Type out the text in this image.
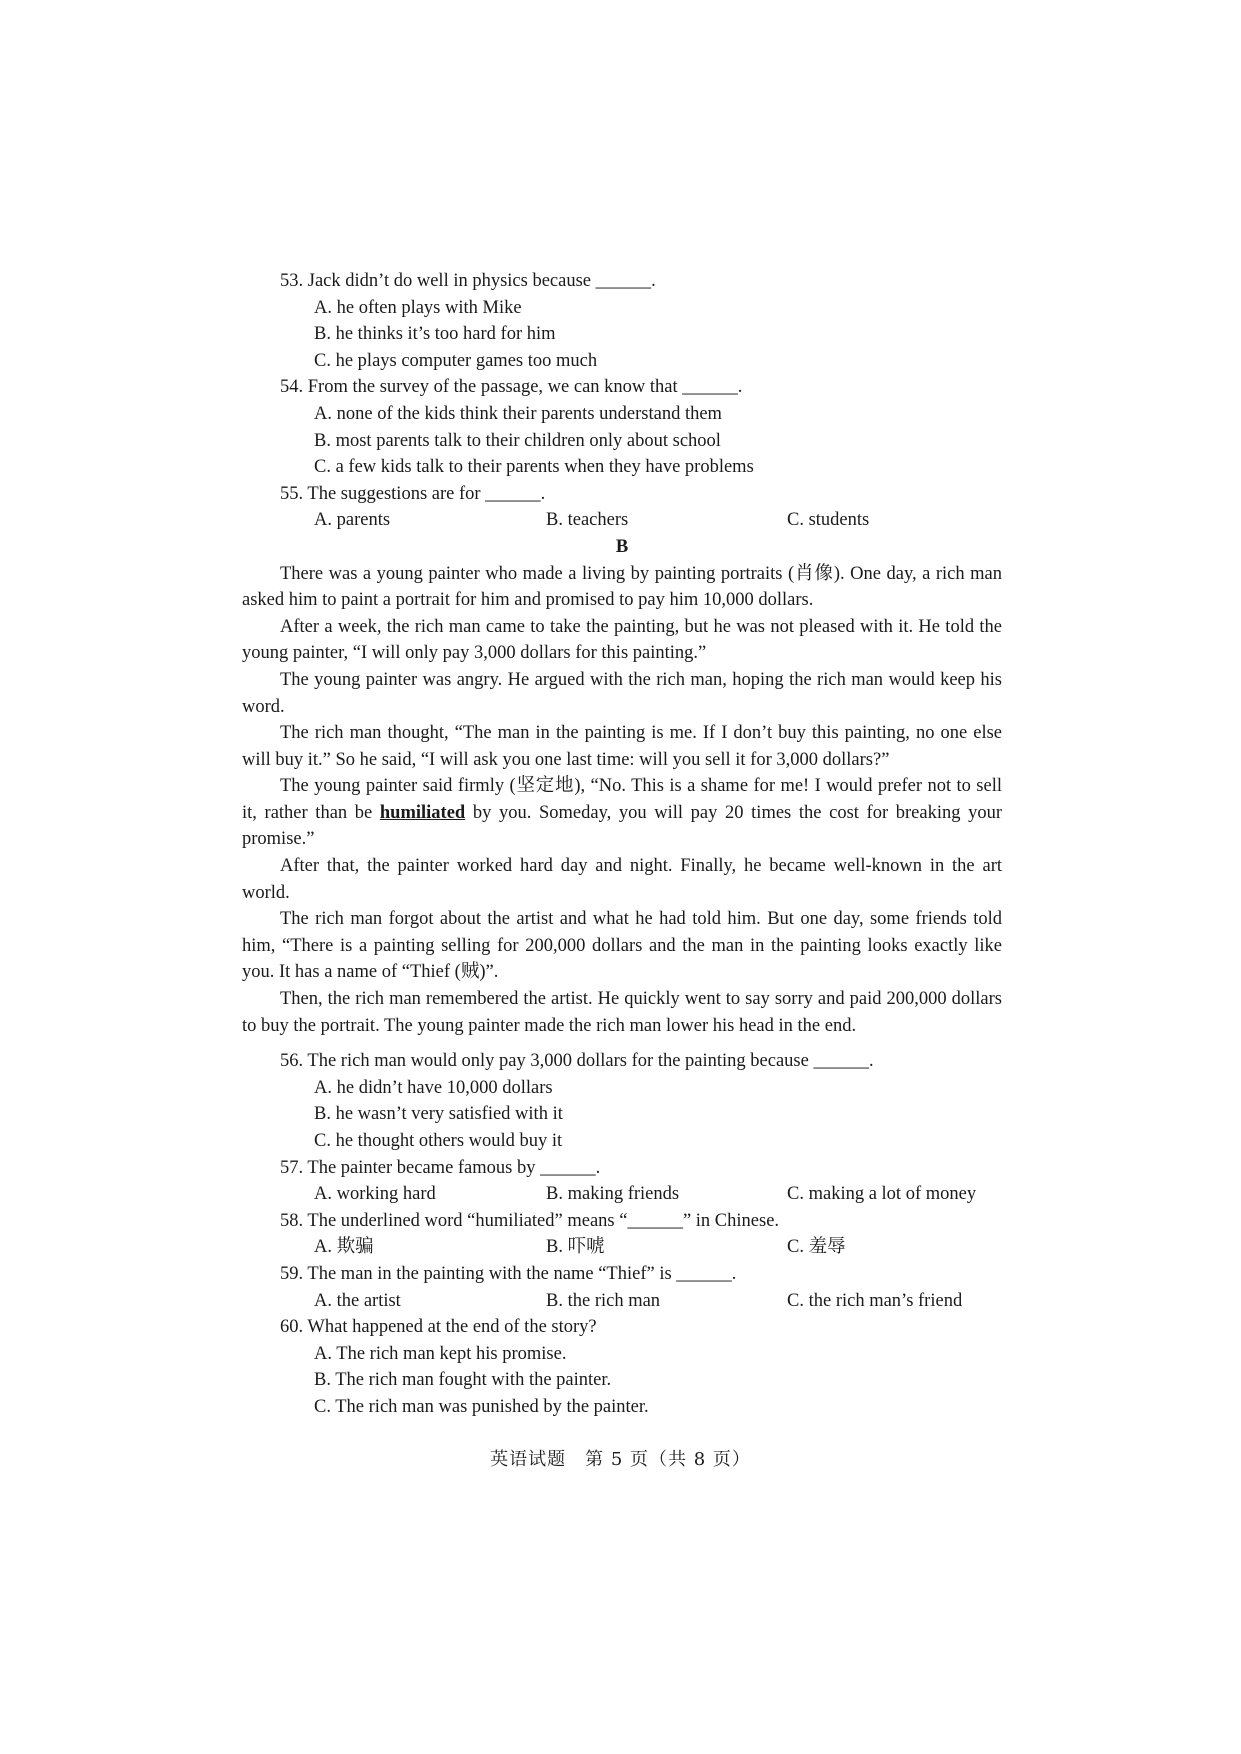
53. Jack didn’t do well in physics because ______.
A. he often plays with Mike
B. he thinks it’s too hard for him
C. he plays computer games too much
54. From the survey of the passage, we can know that ______.
A. none of the kids think their parents understand them
B. most parents talk to their children only about school
C. a few kids talk to their parents when they have problems
55. The suggestions are for ______.
A. parents	B. teachers	C. students
B

There was a young painter who made a living by painting portraits (肖像). One day, a rich man asked him to paint a portrait for him and promised to pay him 10,000 dollars.

After a week, the rich man came to take the painting, but he was not pleased with it. He told the young painter, “I will only pay 3,000 dollars for this painting.”

The young painter was angry. He argued with the rich man, hoping the rich man would keep his word.

The rich man thought, “The man in the painting is me. If I don’t buy this painting, no one else will buy it.” So he said, “I will ask you one last time: will you sell it for 3,000 dollars?”

The young painter said firmly (坚定地), “No. This is a shame for me! I would prefer not to sell it, rather than be humiliated by you. Someday, you will pay 20 times the cost for breaking your promise.”

After that, the painter worked hard day and night. Finally, he became well-known in the art world.

The rich man forgot about the artist and what he had told him. But one day, some friends told him, “There is a painting selling for 200,000 dollars and the man in the painting looks exactly like you. It has a name of “Thief (贼)”.

Then, the rich man remembered the artist. He quickly went to say sorry and paid 200,000 dollars to buy the portrait. The young painter made the rich man lower his head in the end.

56. The rich man would only pay 3,000 dollars for the painting because ______.
A. he didn’t have 10,000 dollars
B. he wasn’t very satisfied with it
C. he thought others would buy it
57. The painter became famous by ______.
A. working hard	B. making friends	C. making a lot of money
58. The underlined word “humiliated” means “______” in Chinese.
A. 欺骗	B. 吓唬	C. 羞辱
59. The man in the painting with the name “Thief” is ______.
A. the artist	B. the rich man	C. the rich man’s friend
60. What happened at the end of the story?
A. The rich man kept his promise.
B. The rich man fought with the painter.
C. The rich man was punished by the painter.
英语试题　第 5 页（共 8 页）
